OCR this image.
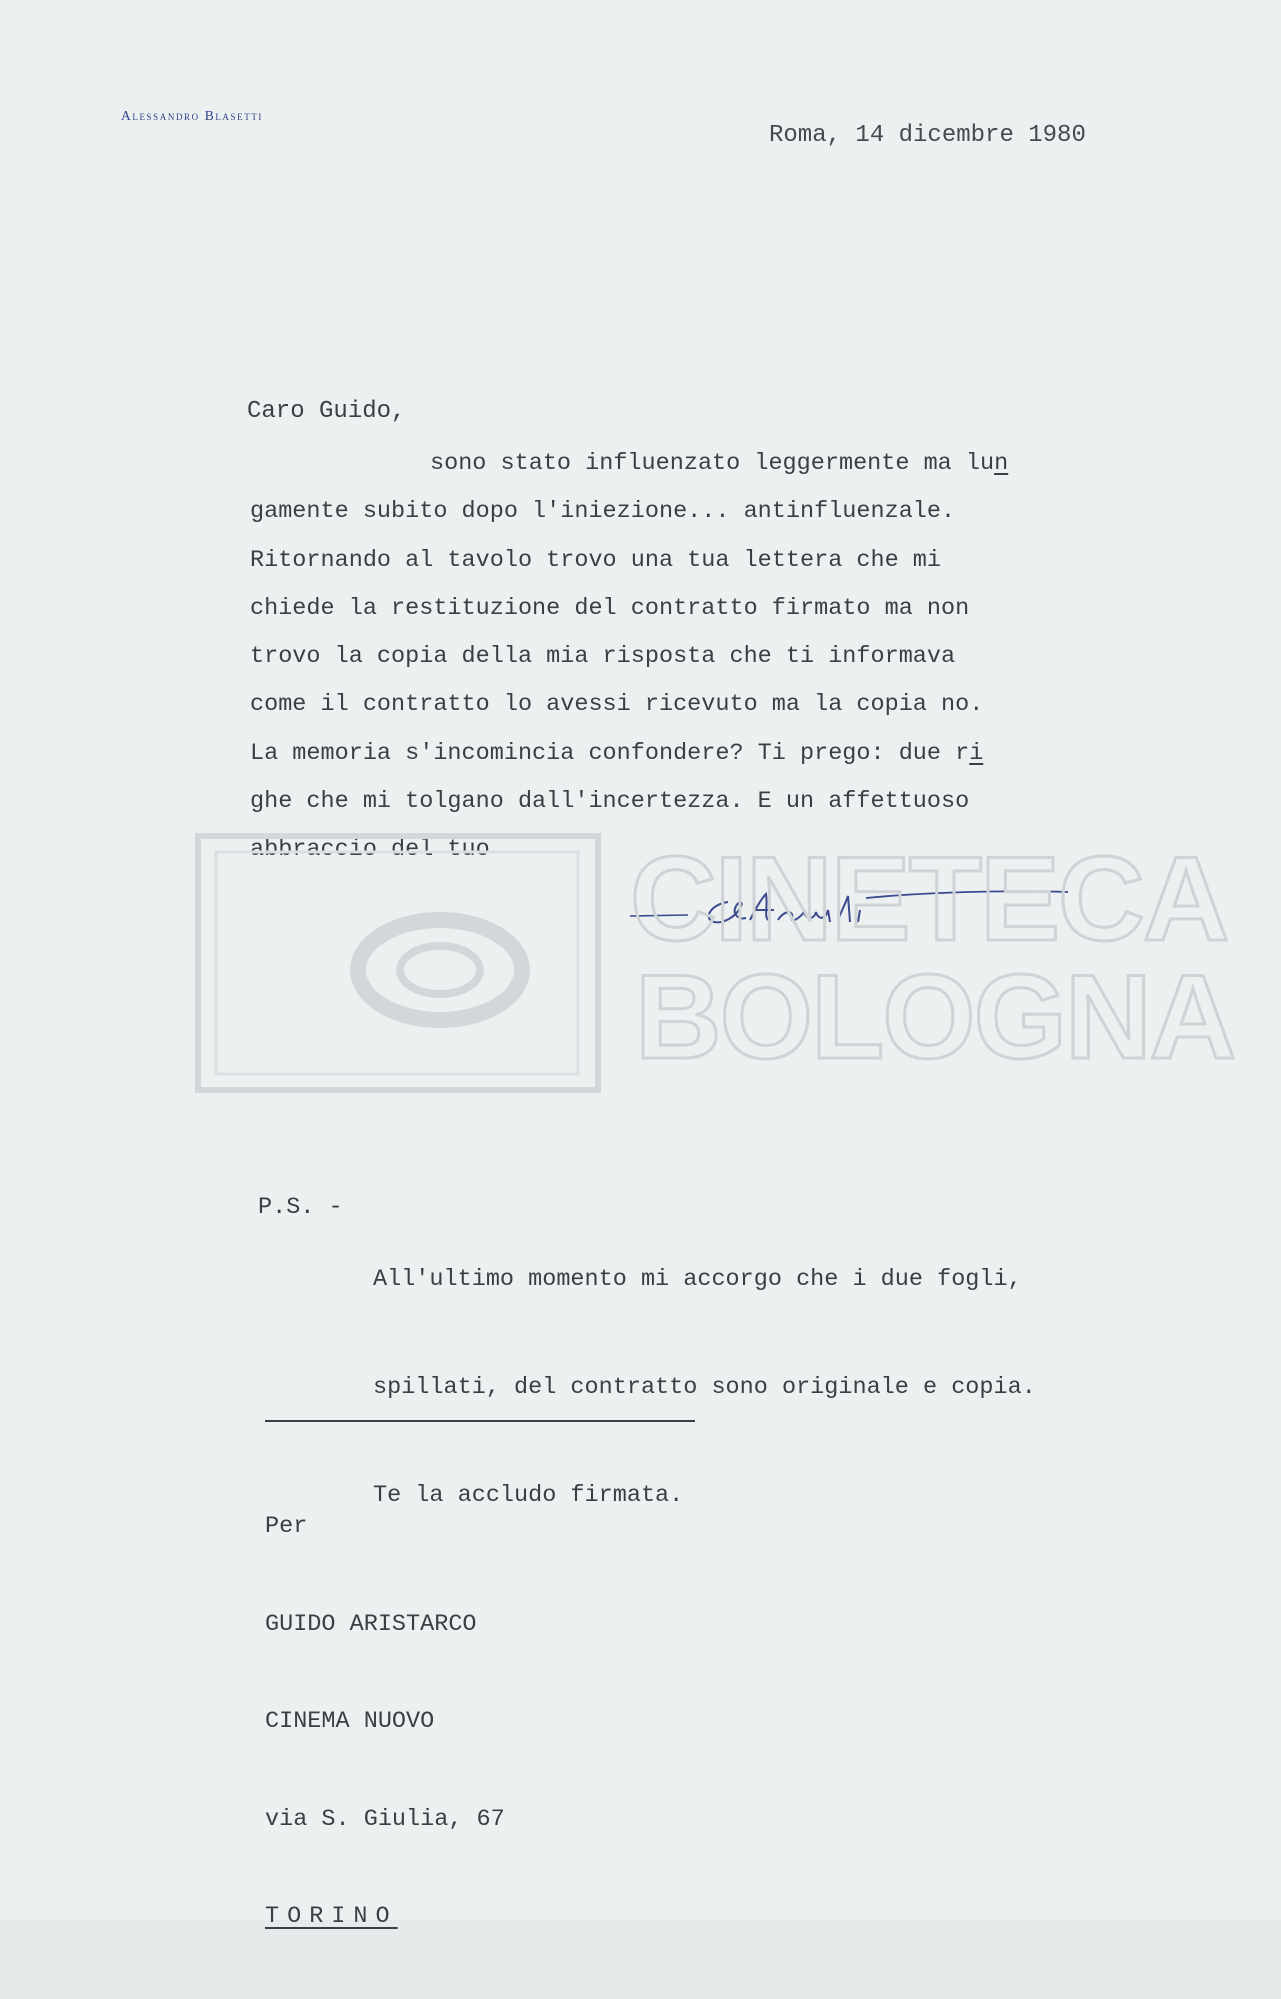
Alessandro Blasetti
Roma, 14 dicembre 1980
Caro Guido,
sono stato influenzato leggermente ma lun
gamente subito dopo l'iniezione... antinfluenzale.
Ritornando al tavolo trovo una tua lettera che mi
chiede la restituzione del contratto firmato ma non
trovo la copia della mia risposta che ti informava
come il contratto lo avessi ricevuto ma la copia no.
La memoria s'incomincia confondere? Ti prego: due ri
ghe che mi tolgano dall'incertezza. E un affettuoso
abbraccio del tuo

P.S. -

All'ultimo momento mi accorgo che i due fogli,

spillati, del contratto sono originale e copia.

Te la accludo firmata.

Per

GUIDO ARISTARCO

CINEMA NUOVO

via S. Giulia, 67

TORINO

CINETECA
BOLOGNA
